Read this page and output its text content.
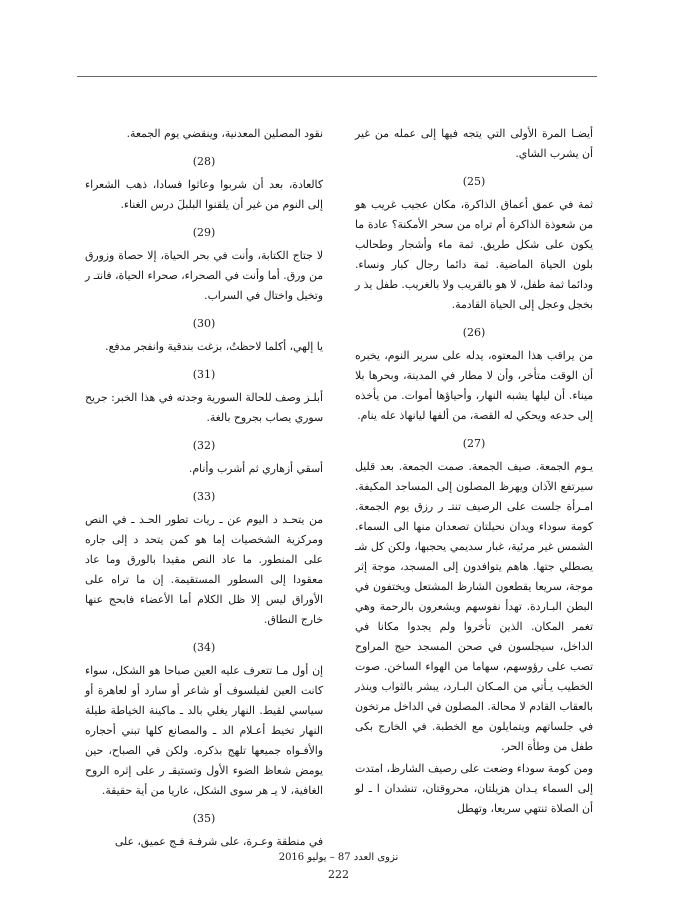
أيضـا المرة الأولى التي يتجه فيها إلى عمله من غير أن يشرب الشاي.

(25)

ثمة في عمق أعماق الذاكرة، مكان عجيب غريب هو من شعوذة الذاكرة أم تراه من سحر الأمكنة؟ عادة ما يكون على شكل طريق. ثمة ماء وأشجار وطحالب بلون الحياة الماضية. ثمة دائما رجال كبار ونساء. ودائما ثمة طفل، لا هو بالقريب ولا بالغريب. طفل يذ ر بخجل وعجل إلى الحياة القادمة.

(26)

من يراقب هذا المعتوه، يدله على سرير النوم، يخبره أن الوقت متأخر، وأن لا مطار في المدينة، وبحرها بلا ميناء. أن ليلها يشبه النهار، وأحياؤها أموات. من يأخذه إلى حدعه ويحكي له القصة، من ألفها ليانهاذ عله ينام.

(27)

يـوم الجمعة. صيف الجمعة. صمت الجمعة. بعد قليل سيرتفع الآذان ويهرظ المصلون إلى المساجد المكيفة. امـرأة جلست على الرصيف تنتـ ر رزق يوم الجمعة. كومة سوداء ويدان نحيلتان تصعدان منها الى السماء. الشمس غير مرئية، غبار سديمي يحجبها، ولكن كل شـ يصطلي جتها. هاهم يتوافدون إلى المسجد، موجة إثر موجة، سريعا يقطعون الشارظ المشتعل ويختفون في البطن البـاردة. تهدأ نفوسهم ويشعرون بالرحمة وهي تغمر المكان. الذين تأخروا ولم يجدوا مكانا في الداخل، سيجلسون في صحن المسجد حيج المراوح تصب على رؤوسهم، سهاما من الهواء الساخن. صوت الخطيب يـأتي من المـكان البـارد، يبشر بالثواب وينذر بالعقاب القادم لا محالة. المصلون في الداخل مرتخون في جلساتهم ويتمايلون مع الخطبة. في الخارج بكى طفل من وطأة الحر.

ومن كومة سوداء وضعت على رصيف الشارظ، امتدت إلى السماء يـدان هزيلتان، محروقتان، تنشدان ا ـ لو أن الصلاة تنتهي سريعا، وتهطل

نقود المصلين المعدنية، وينقضي يوم الجمعة.

(28)

كالعادة، بعد أن شربوا وعاثوا فسادا، ذهب الشعراء إلى النوم من غير أن يلقنوا البلبلَ درس الغناء.

(29)

لا جتاج الكتابة، وأنت في بحر الحياة، إلا حصاة وزورق من ورق. أما وأنت في الصحراء، صحراء الحياة، فانتـ ر وتخيل واختال في السراب.

(30)

يا إلهي، أكلما لاحظتُ، بزغت بندقية وانفجر مدفع.

(31)

أبلـز وصف للحالة السورية وجدته في هذا الخبر: جريح سوري يصاب بجروح بالغة.

(32)

أسقي أزهاري ثم أشرب وأنام.

(33)

من يتحـد د اليوم عن ـ ريات تطور الحـد ـ في النص ومركزية الشخصيات إما هو كمن يتحد د إلى جاره على المنطور. ما عاد النص مقيدا بالورق وما عاد معقودا إلى السطور المستقيمة. إن ما تراه على الأوراق ليس إلا ظل الكلام أما الأعضاء فابحج عنها خارج النطاق.

(34)

إن أول مـا تتعرف عليه العين صباحا هو الشكل، سواء كانت العين لفيلسوف أو شاعر أو سارد أو لعاهرة أو سياسي لقيط. النهار يغلي بالد ـ ماكينة الخياطة طيلة النهار تخيط أعـلام الد ـ والمصانع كلها تبني أحجاره والأفـواه جميعها تلهج بذكره. ولكن في الصباح، حين يومض شعاظ الضوء الأول وتستيقـ ر على إثره الروح الغافية، لا يـ هر سوى الشكل، عاريا من أية حقيقة.

(35)

في منطقة وعـرة، على شرفـة فـج عميق، على

نزوى العدد 87 – يوليو 2016
222
